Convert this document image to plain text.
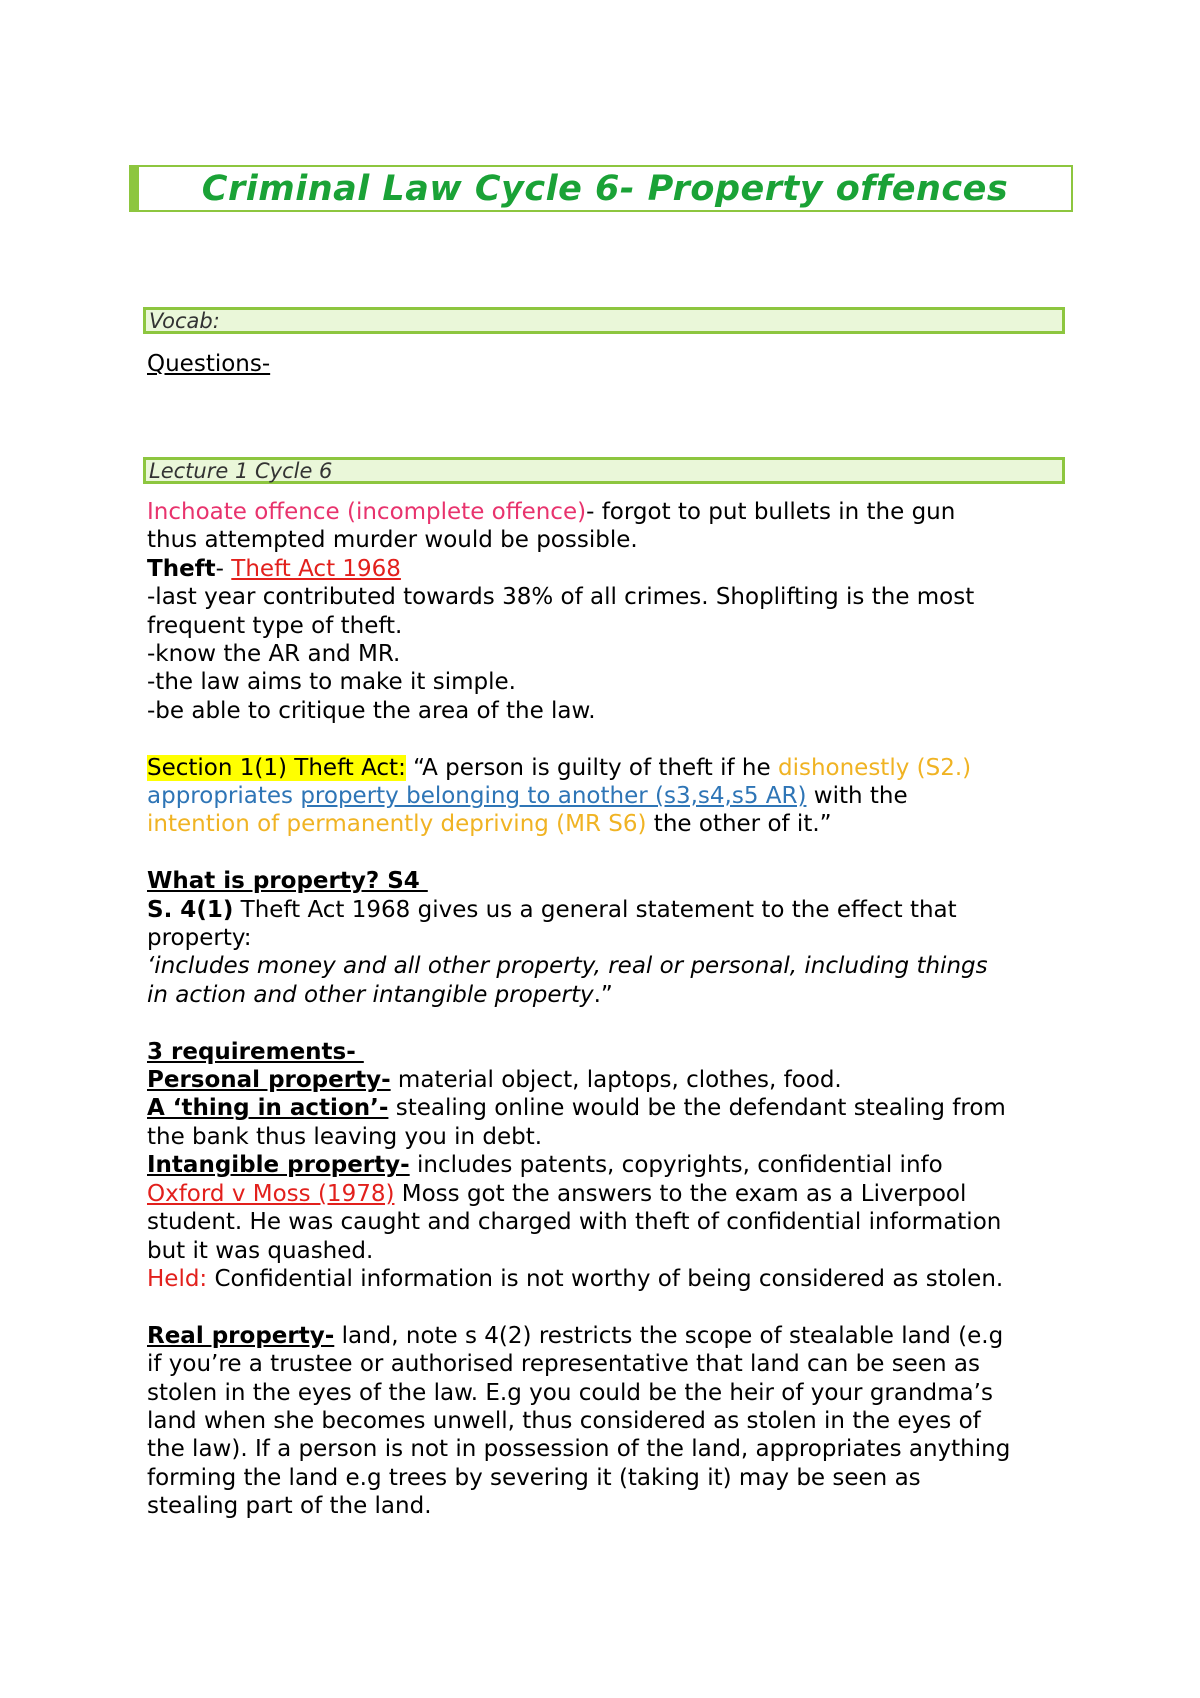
Criminal Law Cycle 6- Property offences
Vocab:
Questions-
Lecture 1 Cycle 6
Inchoate offence (incomplete offence)- forgot to put bullets in the gun
thus attempted murder would be possible.
Theft- Theft Act 1968
-last year contributed towards 38% of all crimes. Shoplifting is the most
frequent type of theft.
-know the AR and MR.
-the law aims to make it simple.
-be able to critique the area of the law.
Section 1(1) Theft Act: “A person is guilty of theft if he dishonestly (S2.)
appropriates property belonging to another (s3,s4,s5 AR) with the
intention of permanently depriving (MR S6) the other of it.”
What is property? S4
S. 4(1) Theft Act 1968 gives us a general statement to the effect that
property:
‘includes money and all other property, real or personal, including things
in action and other intangible property.”
3 requirements-
Personal property- material object, laptops, clothes, food.
A ‘thing in action’- stealing online would be the defendant stealing from
the bank thus leaving you in debt.
Intangible property- includes patents, copyrights, confidential info
Oxford v Moss (1978) Moss got the answers to the exam as a Liverpool
student. He was caught and charged with theft of confidential information
but it was quashed.
Held: Confidential information is not worthy of being considered as stolen.
Real property- land, note s 4(2) restricts the scope of stealable land (e.g
if you’re a trustee or authorised representative that land can be seen as
stolen in the eyes of the law. E.g you could be the heir of your grandma’s
land when she becomes unwell, thus considered as stolen in the eyes of
the law). If a person is not in possession of the land, appropriates anything
forming the land e.g trees by severing it (taking it) may be seen as
stealing part of the land.
